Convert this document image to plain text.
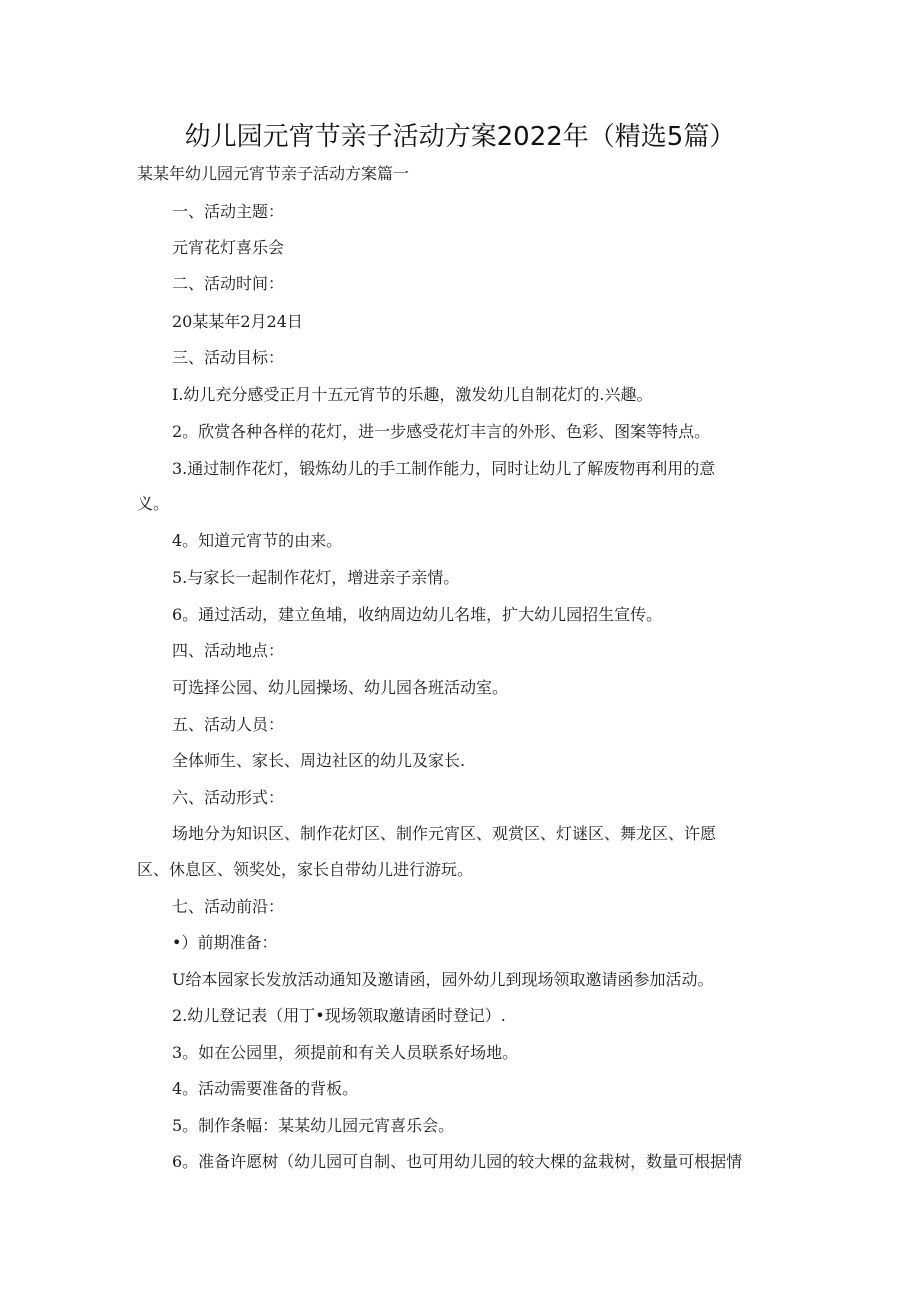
幼儿园元宵节亲子活动方案2022年（精选5篇）
某某年幼儿园元宵节亲子活动方案篇一
一、活动主题：
元宵花灯喜乐会
二、活动时间：
20某某年2月24日
三、活动目标：
I.幼儿充分感受正月十五元宵节的乐趣，激发幼儿自制花灯的.兴趣。
2。欣赏各种各样的花灯，进一步感受花灯丰言的外形、色彩、图案等特点。
3.通过制作花灯，锻炼幼儿的手工制作能力，同时让幼儿了解废物再利用的意
义。
4。知道元宵节的由来。
5.与家长一起制作花灯，增进亲子亲情。
6。通过活动，建立鱼埔，收纳周边幼儿名堆，扩大幼儿园招生宣传。
四、活动地点：
可选择公园、幼儿园操场、幼儿园各班活动室。
五、活动人员：
全体师生、家长、周边社区的幼儿及家长.
六、活动形式：
场地分为知识区、制作花灯区、制作元宵区、观赏区、灯谜区、舞龙区、许愿
区、休息区、领奖处，家长自带幼儿进行游玩。
七、活动前沿：
•）前期准备：
U给本园家长发放活动通知及邀请函，园外幼儿到现场领取邀请函参加活动。
2.幼儿登记表（用丁•现场领取邀请函时登记）.
3。如在公园里，须提前和有关人员联系好场地。
4。活动需要准备的背板。
5。制作条幅：某某幼儿园元宵喜乐会。
6。准备许愿树（幼儿园可自制、也可用幼儿园的较大棵的盆栽树，数量可根据情
